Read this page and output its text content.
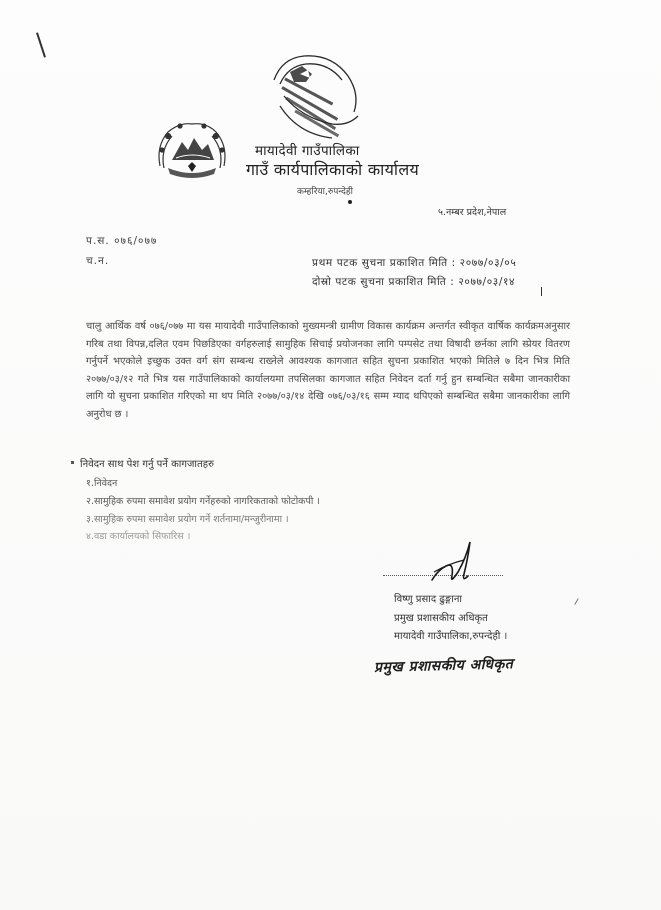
मायादेवी गाउँपालिका
गाउँ कार्यपालिकाको कार्यालय
कम्हरिया,रुपन्देही
५.नम्बर प्रदेश,नेपाल
प.स. ०७६/०७७
च.न.	प्रथम पटक सुचना प्रकाशित मिति : २०७७/०३/०५
दोस्रो पटक सुचना प्रकाशित मिति : २०७७/०३/१४

चालु आर्थिक वर्ष ०७६/०७७ मा यस मायादेवी गाउँपालिकाको मुख्यमन्त्री ग्रामीण विकास कार्यक्रम अन्तर्गत स्वीकृत वार्षिक कार्यक्रमअनुसार गरिब तथा विपन्न,दलित एवम पिछडिएका वर्गहरुलाई सामुहिक सिचाई प्रयोजनका लागि पम्पसेट तथा विषादी छर्नका लागि स्प्रेयर वितरण गर्नुपर्ने भएकोले इच्छुक उक्त वर्ग संग सम्बन्ध राख्नेले आवश्यक कागजात सहित सुचना प्रकाशित भएको मितिले ७ दिन भित्र मिति २०७७/०३/१२ गते भित्र यस गाउँपालिकाको कार्यालयमा तपसिलका कागजात सहित निवेदन दर्ता गर्नु हुन सम्बन्धित सबैमा जानकारीका लागि यो सुचना प्रकाशित गरिएको मा थप मिति २०७७/०३/१४ देखि ०७६/०३/१६ सम्म म्याद थपिएको सम्बन्धित सबैमा जानकारीका लागि अनुरोध छ ।

निवेदन साथ पेश गर्नु पर्ने कागजातहरु
१.निवेदन
२.सामुहिक रुपमा समावेश प्रयोग गर्नेहरुको नागरिकताको फोटोकपी ।
३.सामुहिक रुपमा समावेश प्रयोग गर्ने शर्तनामा/मन्जुरीनामा ।
४.वडा कार्यालयको सिफारिस ।
विष्णु प्रसाद ढुङ्गाना
प्रमुख प्रशासकीय अधिकृत
मायादेवी गाउँपालिका,रुपन्देही ।
प्रमुख प्रशासकीय अधिकृत
